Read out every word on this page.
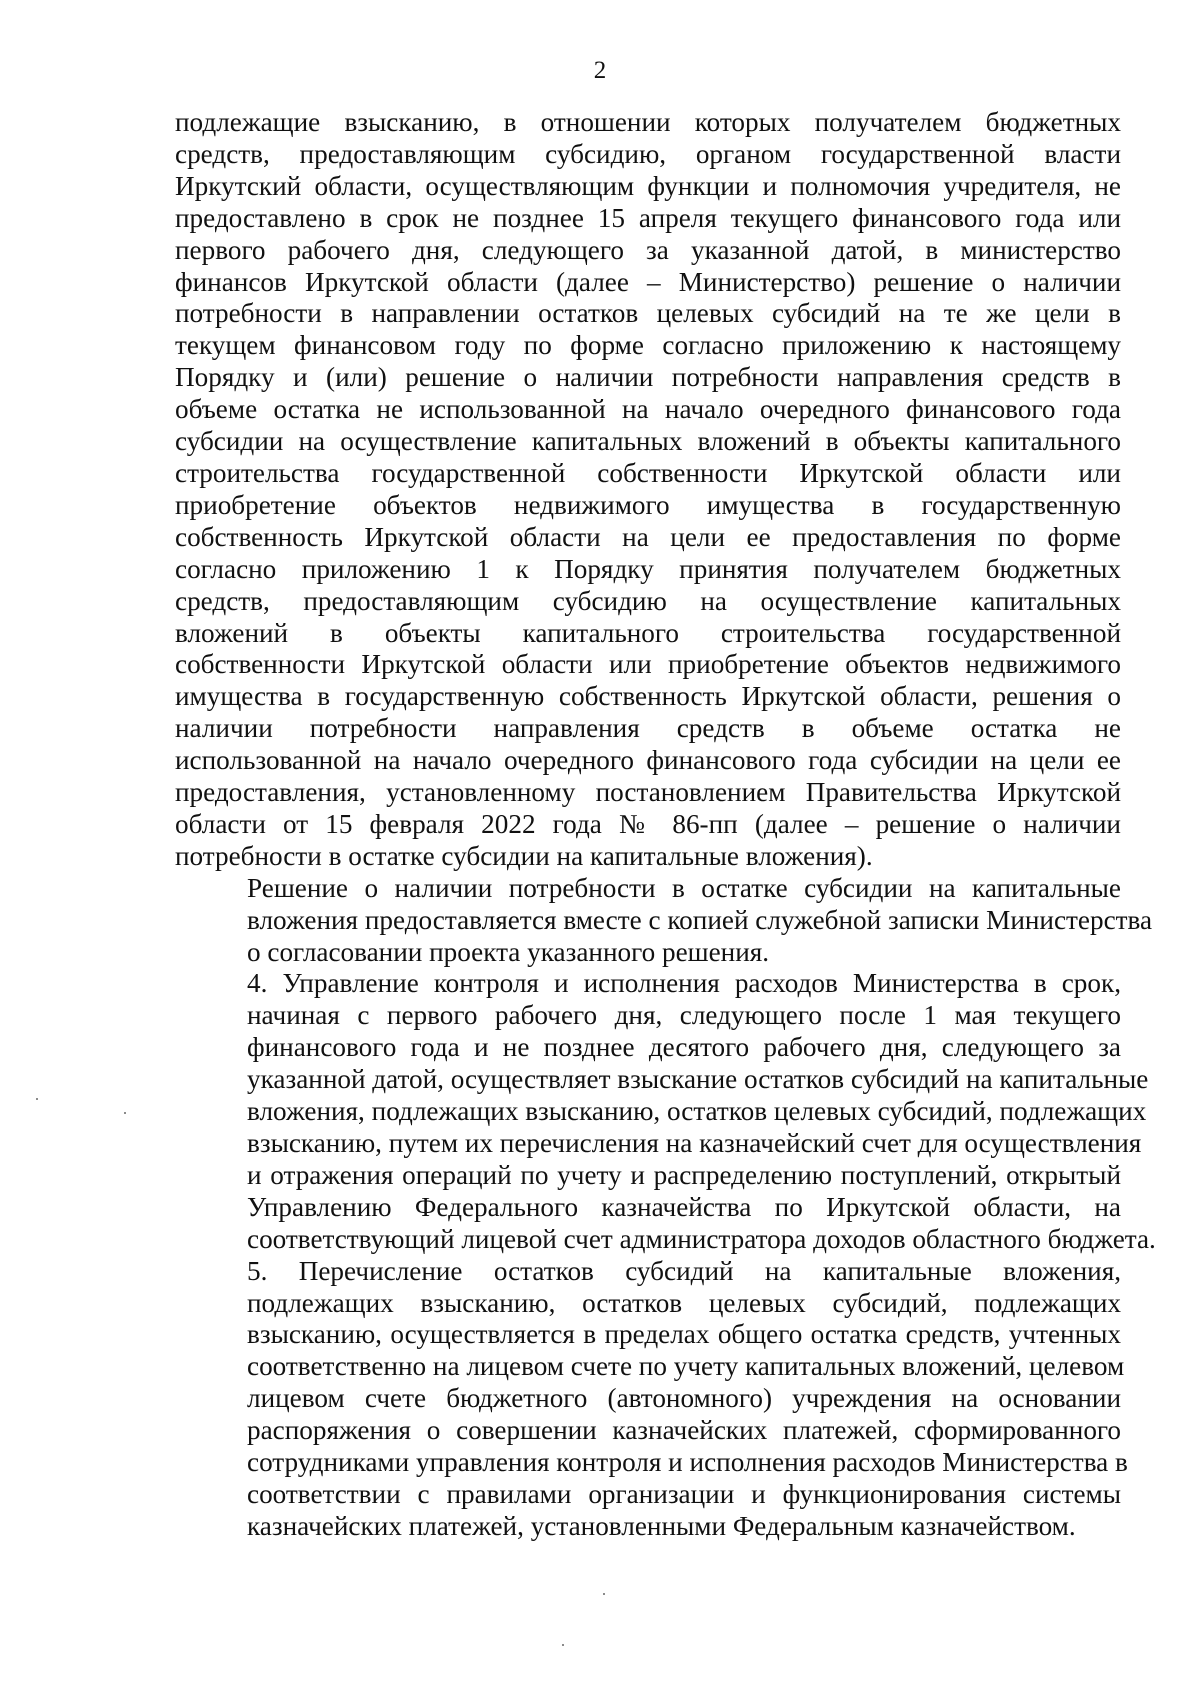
2
подлежащие взысканию, в отношении которых получателем бюджетных
средств, предоставляющим субсидию, органом государственной власти
Иркутский области, осуществляющим функции и полномочия учредителя, не
предоставлено в срок не позднее 15 апреля текущего финансового года или
первого рабочего дня, следующего за указанной датой, в министерство
финансов Иркутской области (далее – Министерство) решение о наличии
потребности в направлении остатков целевых субсидий на те же цели в
текущем финансовом году по форме согласно приложению к настоящему
Порядку и (или) решение о наличии потребности направления средств в
объеме остатка не использованной на начало очередного финансового года
субсидии на осуществление капитальных вложений в объекты капитального
строительства государственной собственности Иркутской области или
приобретение объектов недвижимого имущества в государственную
собственность Иркутской области на цели ее предоставления по форме
согласно приложению 1 к Порядку принятия получателем бюджетных
средств, предоставляющим субсидию на осуществление капитальных
вложений в объекты капитального строительства государственной
собственности Иркутской области или приобретение объектов недвижимого
имущества в государственную собственность Иркутской области, решения о
наличии потребности направления средств в объеме остатка не
использованной на начало очередного финансового года субсидии на цели ее
предоставления, установленному постановлением Правительства Иркутской
области от 15 февраля 2022 года № 86-пп (далее – решение о наличии
потребности в остатке субсидии на капитальные вложения).
Решение о наличии потребности в остатке субсидии на капитальные
вложения предоставляется вместе с копией служебной записки Министерства
о согласовании проекта указанного решения.
4. Управление контроля и исполнения расходов Министерства в срок,
начиная с первого рабочего дня, следующего после 1 мая текущего
финансового года и не позднее десятого рабочего дня, следующего за
указанной датой, осуществляет взыскание остатков субсидий на капитальные
вложения, подлежащих взысканию, остатков целевых субсидий, подлежащих
взысканию, путем их перечисления на казначейский счет для осуществления
и отражения операций по учету и распределению поступлений, открытый
Управлению Федерального казначейства по Иркутской области, на
соответствующий лицевой счет администратора доходов областного бюджета.
5. Перечисление остатков субсидий на капитальные вложения,
подлежащих взысканию, остатков целевых субсидий, подлежащих
взысканию, осуществляется в пределах общего остатка средств, учтенных
соответственно на лицевом счете по учету капитальных вложений, целевом
лицевом счете бюджетного (автономного) учреждения на основании
распоряжения о совершении казначейских платежей, сформированного
сотрудниками управления контроля и исполнения расходов Министерства в
соответствии с правилами организации и функционирования системы
казначейских платежей, установленными Федеральным казначейством.
